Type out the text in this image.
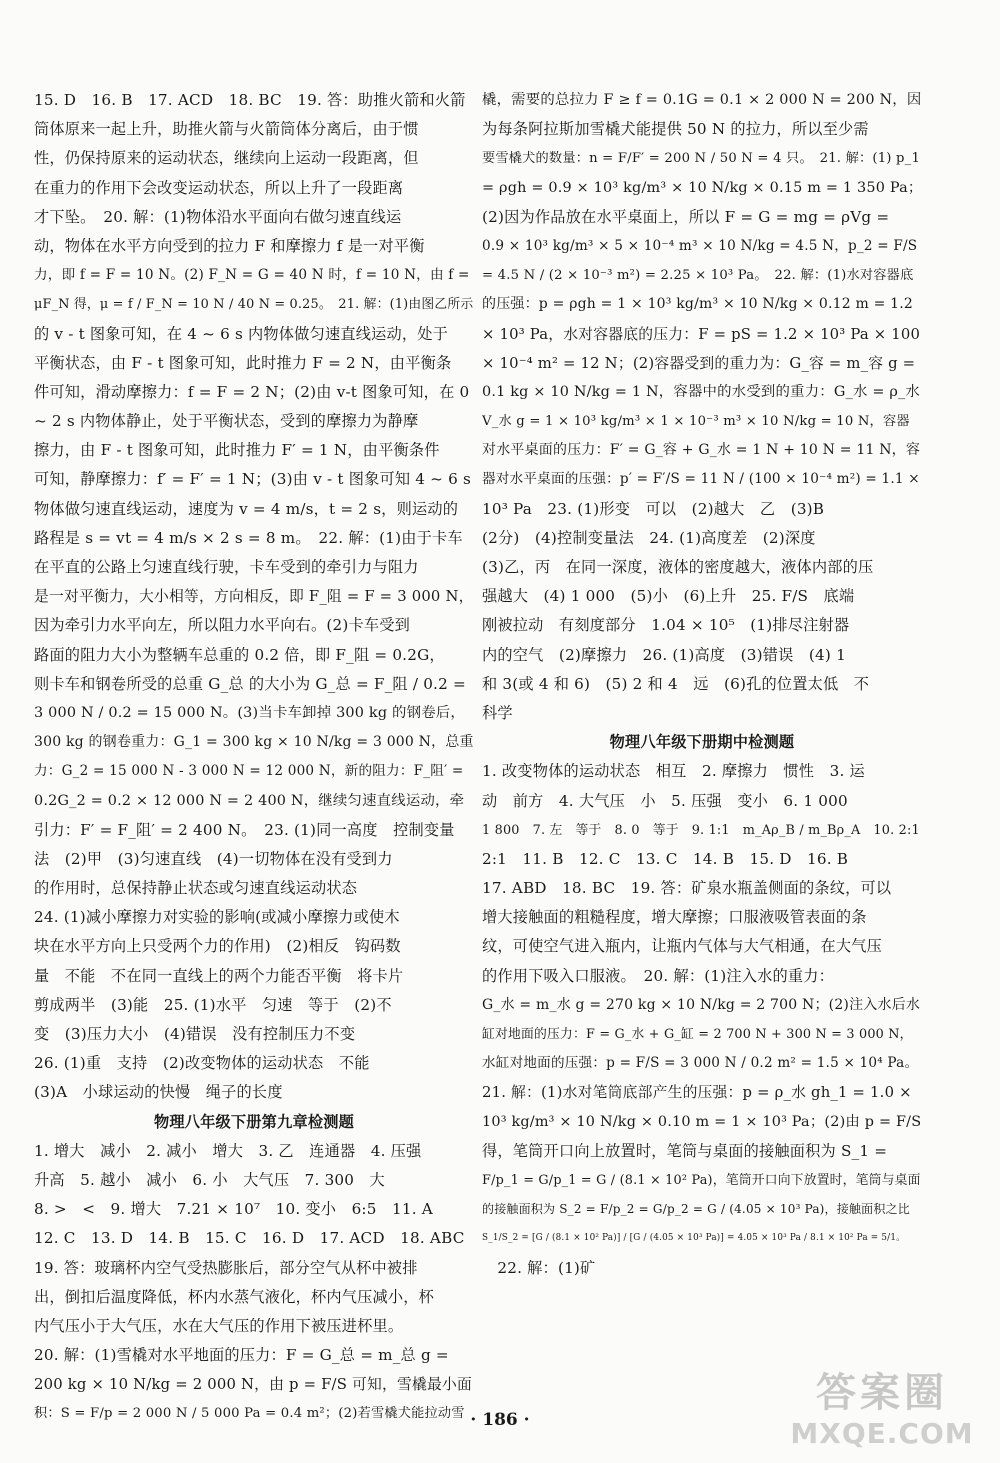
15. D　16. B　17. ACD　18. BC　19. 答：助推火箭和火箭
筒体原来一起上升，助推火箭与火箭筒体分离后，由于惯
性，仍保持原来的运动状态，继续向上运动一段距离，但
在重力的作用下会改变运动状态，所以上升了一段距离
才下坠。　20. 解：(1)物体沿水平面向右做匀速直线运
动，物体在水平方向受到的拉力 F 和摩擦力 f 是一对平衡
力，即 f = F = 10 N。(2) F_N = G = 40 N 时，f = 10 N，由 f =
μF_N 得，μ = f / F_N = 10 N / 40 N = 0.25。　21. 解：(1)由图乙所示
的 v - t 图象可知，在 4 ~ 6 s 内物体做匀速直线运动，处于
平衡状态，由 F - t 图象可知，此时推力 F = 2 N，由平衡条
件可知，滑动摩擦力：f = F = 2 N；(2)由 v-t 图象可知，在 0
~ 2 s 内物体静止，处于平衡状态，受到的摩擦力为静摩
擦力，由 F - t 图象可知，此时推力 F′ = 1 N，由平衡条件
可知，静摩擦力：f′ = F′ = 1 N；(3)由 v - t 图象可知 4 ~ 6 s
物体做匀速直线运动，速度为 v = 4 m/s，t = 2 s，则运动的
路程是 s = vt = 4 m/s × 2 s = 8 m。　22. 解：(1)由于卡车
在平直的公路上匀速直线行驶，卡车受到的牵引力与阻力
是一对平衡力，大小相等，方向相反，即 F_阻 = F = 3 000 N，
因为牵引力水平向左，所以阻力水平向右。(2)卡车受到
路面的阻力大小为整辆车总重的 0.2 倍，即 F_阻 = 0.2G，
则卡车和钢卷所受的总重 G_总 的大小为 G_总 = F_阻 / 0.2 =
3 000 N / 0.2 = 15 000 N。(3)当卡车卸掉 300 kg 的钢卷后，
300 kg 的钢卷重力：G_1 = 300 kg × 10 N/kg = 3 000 N，总重
力：G_2 = 15 000 N - 3 000 N = 12 000 N，新的阻力：F_阻′ =
0.2G_2 = 0.2 × 12 000 N = 2 400 N，继续匀速直线运动，牵
引力：F′ = F_阻′ = 2 400 N。　23. (1)同一高度　控制变量
法　(2)甲　(3)匀速直线　(4)一切物体在没有受到力
的作用时，总保持静止状态或匀速直线运动状态
24. (1)减小摩擦力对实验的影响(或减小摩擦力或使木
块在水平方向上只受两个力的作用)　(2)相反　钩码数
量　不能　不在同一直线上的两个力能否平衡　将卡片
剪成两半　(3)能　25. (1)水平　匀速　等于　(2)不
变　(3)压力大小　(4)错误　没有控制压力不变
26. (1)重　支持　(2)改变物体的运动状态　不能
(3)A　小球运动的快慢　绳子的长度
物理八年级下册第九章检测题
1. 增大　减小　2. 减小　增大　3. 乙　连通器　4. 压强
升高　5. 越小　减小　6. 小　大气压　7. 300　大
8. >　<　9. 增大　7.21 × 10⁷　10. 变小　6:5　11. A
12. C　13. D　14. B　15. C　16. D　17. ACD　18. ABC
19. 答：玻璃杯内空气受热膨胀后，部分空气从杯中被排
出，倒扣后温度降低，杯内水蒸气液化，杯内气压减小，杯
内气压小于大气压，水在大气压的作用下被压进杯里。
20. 解：(1)雪橇对水平地面的压力：F = G_总 = m_总 g =
200 kg × 10 N/kg = 2 000 N，由 p = F/S 可知，雪橇最小面
积：S = F/p = 2 000 N / 5 000 Pa = 0.4 m²；(2)若雪橇犬能拉动雪
橇，需要的总拉力 F ≥ f = 0.1G = 0.1 × 2 000 N = 200 N，因
为每条阿拉斯加雪橇犬能提供 50 N 的拉力，所以至少需
要雪橇犬的数量：n = F/F′ = 200 N / 50 N = 4 只。　21. 解：(1) p_1
= ρgh = 0.9 × 10³ kg/m³ × 10 N/kg × 0.15 m = 1 350 Pa；
(2)因为作品放在水平桌面上，所以 F = G = mg = ρVg =
0.9 × 10³ kg/m³ × 5 × 10⁻⁴ m³ × 10 N/kg = 4.5 N，p_2 = F/S
= 4.5 N / (2 × 10⁻³ m²) = 2.25 × 10³ Pa。　22. 解：(1)水对容器底
的压强：p = ρgh = 1 × 10³ kg/m³ × 10 N/kg × 0.12 m = 1.2
× 10³ Pa，水对容器底的压力：F = pS = 1.2 × 10³ Pa × 100
× 10⁻⁴ m² = 12 N；(2)容器受到的重力为：G_容 = m_容 g =
0.1 kg × 10 N/kg = 1 N，容器中的水受到的重力：G_水 = ρ_水
V_水 g = 1 × 10³ kg/m³ × 1 × 10⁻³ m³ × 10 N/kg = 10 N，容器
对水平桌面的压力：F′ = G_容 + G_水 = 1 N + 10 N = 11 N，容
器对水平桌面的压强：p′ = F′/S = 11 N / (100 × 10⁻⁴ m²) = 1.1 ×
10³ Pa　23. (1)形变　可以　(2)越大　乙　(3)B
(2分)　(4)控制变量法　24. (1)高度差　(2)深度
(3)乙，丙　在同一深度，液体的密度越大，液体内部的压
强越大　(4) 1 000　(5)小　(6)上升　25. F/S　底端
刚被拉动　有刻度部分　1.04 × 10⁵　(1)排尽注射器
内的空气　(2)摩擦力　26. (1)高度　(3)错误　(4) 1
和 3(或 4 和 6)　(5) 2 和 4　远　(6)孔的位置太低　不
科学
物理八年级下册期中检测题
1. 改变物体的运动状态　相互　2. 摩擦力　惯性　3. 运
动　前方　4. 大气压　小　5. 压强　变小　6. 1 000
1 800　7. 左　等于　8. 0　等于　9. 1:1　m_Aρ_B / m_Bρ_A　10. 2:1
2:1　11. B　12. C　13. C　14. B　15. D　16. B
17. ABD　18. BC　19. 答：矿泉水瓶盖侧面的条纹，可以
增大接触面的粗糙程度，增大摩擦；口服液吸管表面的条
纹，可使空气进入瓶内，让瓶内气体与大气相通，在大气压
的作用下吸入口服液。　20. 解：(1)注入水的重力：
G_水 = m_水 g = 270 kg × 10 N/kg = 2 700 N；(2)注入水后水
缸对地面的压力：F = G_水 + G_缸 = 2 700 N + 300 N = 3 000 N，
水缸对地面的压强：p = F/S = 3 000 N / 0.2 m² = 1.5 × 10⁴ Pa。
21. 解：(1)水对笔筒底部产生的压强：p = ρ_水 gh_1 = 1.0 ×
10³ kg/m³ × 10 N/kg × 0.10 m = 1 × 10³ Pa；(2)由 p = F/S
得，笔筒开口向上放置时，笔筒与桌面的接触面积为 S_1 =
F/p_1 = G/p_1 = G / (8.1 × 10² Pa)，笔筒开口向下放置时，笔筒与桌面
的接触面积为 S_2 = F/p_2 = G/p_2 = G / (4.05 × 10³ Pa)，接触面积之比
S_1/S_2 = [G / (8.1 × 10² Pa)] / [G / (4.05 × 10³ Pa)] = 4.05 × 10³ Pa / 8.1 × 10² Pa = 5/1。
　22. 解：(1)矿
· 186 ·
答案圈
MXQE.COM
